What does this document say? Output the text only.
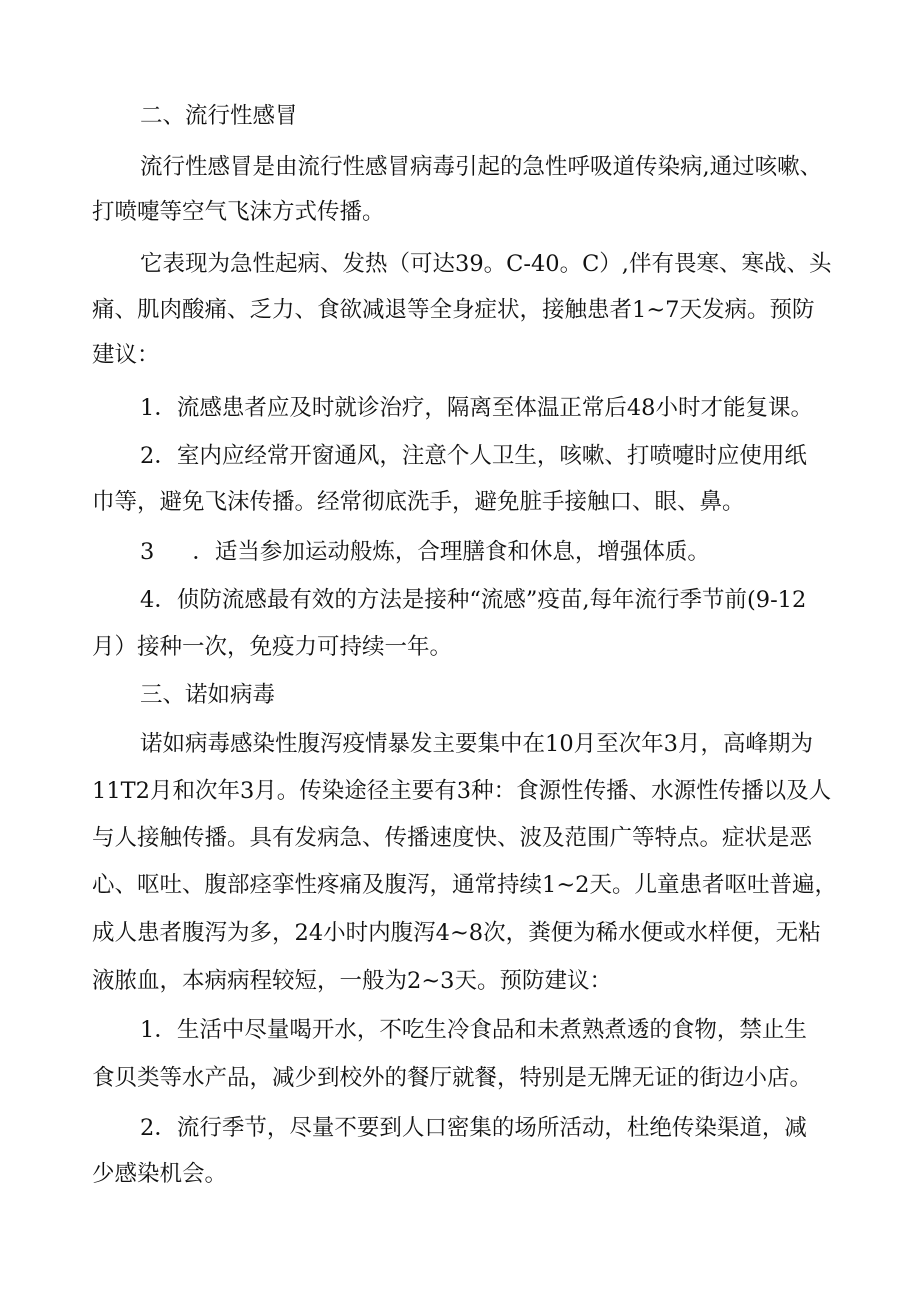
二、流行性感冒

流行性感冒是由流行性感冒病毒引起的急性呼吸道传染病,通过咳嗽、

打喷嚏等空气飞沫方式传播。

它表现为急性起病、发热（可达39。C-40。C）,伴有畏寒、寒战、头

痛、肌肉酸痛、乏力、食欲减退等全身症状，接触患者1~7天发病。预防

建议：

1．流感患者应及时就诊治疗，隔离至体温正常后48小时才能复课。

2．室内应经常开窗通风，注意个人卫生，咳嗽、打喷嚏时应使用纸

巾等，避免飞沫传播。经常彻底洗手，避免脏手接触口、眼、鼻。

3 ．适当参加运动般炼，合理膳食和休息，增强体质。

4．侦防流感最有效的方法是接种“流感”疫苗,每年流行季节前(9-12

月）接种一次，免疫力可持续一年。

三、诺如病毒

诺如病毒感染性腹泻疫情暴发主要集中在10月至次年3月，高峰期为

11T2月和次年3月。传染途径主要有3种：食源性传播、水源性传播以及人

与人接触传播。具有发病急、传播速度快、波及范围广等特点。症状是恶

心、呕吐、腹部痉挛性疼痛及腹泻，通常持续1~2天。儿童患者呕吐普遍，

成人患者腹泻为多，24小时内腹泻4~8次，粪便为稀水便或水样便，无粘

液脓血，本病病程较短，一般为2~3天。预防建议：

1．生活中尽量喝开水，不吃生冷食品和未煮熟煮透的食物，禁止生

食贝类等水产品，减少到校外的餐厅就餐，特别是无牌无证的街边小店。

2．流行季节，尽量不要到人口密集的场所活动，杜绝传染渠道，减

少感染机会。
